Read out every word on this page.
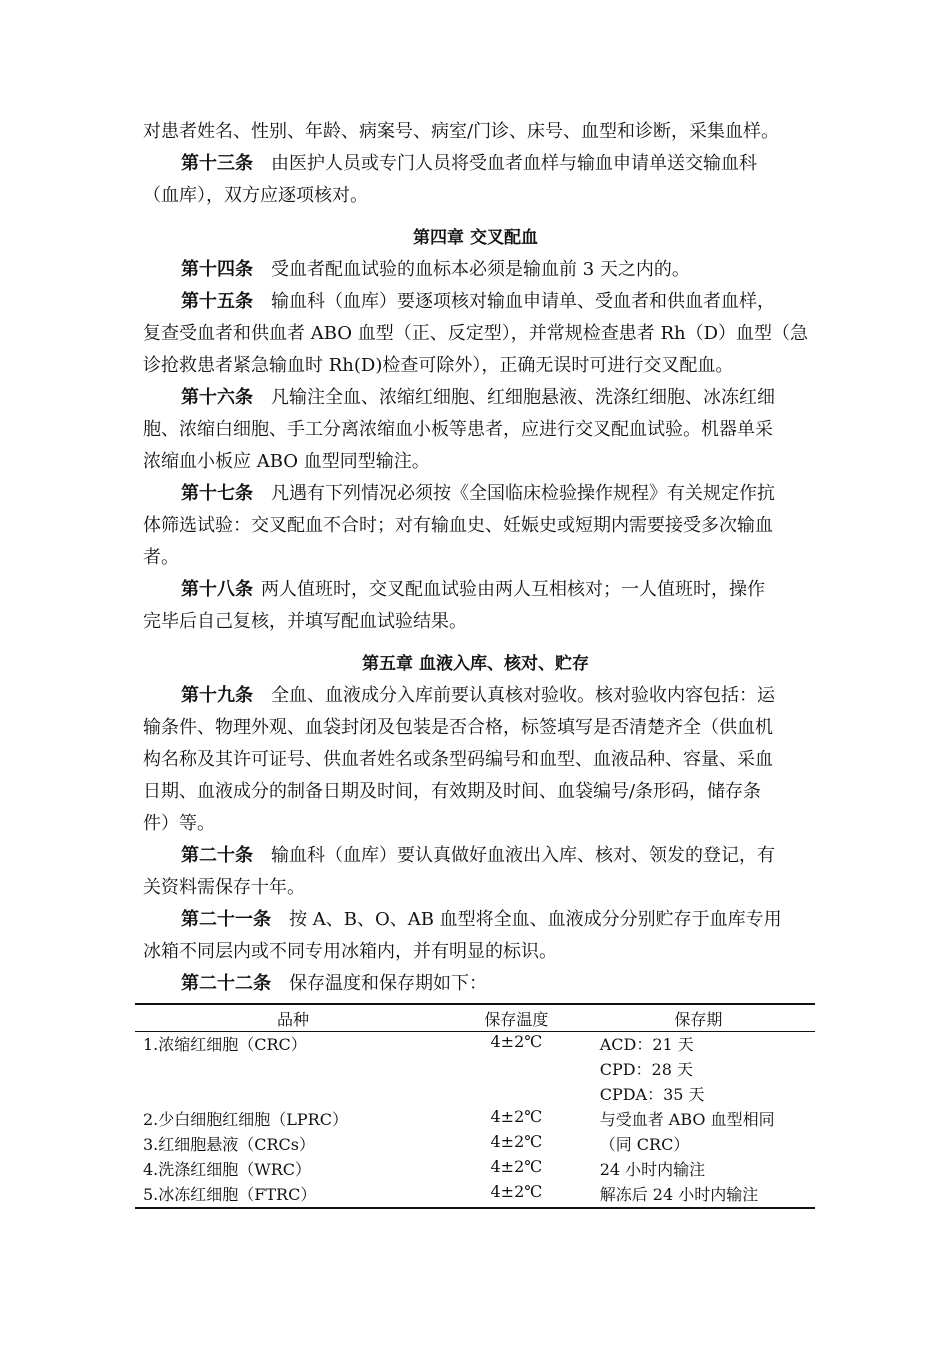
对患者姓名、性别、年龄、病案号、病室/门诊、床号、血型和诊断，采集血样。
第十三条 由医护人员或专门人员将受血者血样与输血申请单送交输血科
（血库），双方应逐项核对。
第四章 交叉配血
第十四条 受血者配血试验的血标本必须是输血前 3 天之内的。
第十五条 输血科（血库）要逐项核对输血申请单、受血者和供血者血样，
复查受血者和供血者 ABO 血型（正、反定型），并常规检查患者 Rh（D）血型（急
诊抢救患者紧急输血时 Rh(D)检查可除外），正确无误时可进行交叉配血。
第十六条 凡输注全血、浓缩红细胞、红细胞悬液、洗涤红细胞、冰冻红细
胞、浓缩白细胞、手工分离浓缩血小板等患者，应进行交叉配血试验。机器单采
浓缩血小板应 ABO 血型同型输注。
第十七条 凡遇有下列情况必须按《全国临床检验操作规程》有关规定作抗
体筛选试验：交叉配血不合时；对有输血史、妊娠史或短期内需要接受多次输血
者。
第十八条 两人值班时，交叉配血试验由两人互相核对；一人值班时，操作
完毕后自己复核，并填写配血试验结果。
第五章 血液入库、核对、贮存
第十九条 全血、血液成分入库前要认真核对验收。核对验收内容包括：运
输条件、物理外观、血袋封闭及包装是否合格，标签填写是否清楚齐全（供血机
构名称及其许可证号、供血者姓名或条型码编号和血型、血液品种、容量、采血
日期、血液成分的制备日期及时间，有效期及时间、血袋编号/条形码，储存条
件）等。
第二十条 输血科（血库）要认真做好血液出入库、核对、领发的登记，有
关资料需保存十年。
第二十一条 按 A、B、O、AB 血型将全血、血液成分分别贮存于血库专用
冰箱不同层内或不同专用冰箱内，并有明显的标识。
第二十二条 保存温度和保存期如下：
品种	保存温度	保存期
1.浓缩红细胞（CRC）	4±2℃	ACD：21 天
		CPD：28 天
		CPDA：35 天
2.少白细胞红细胞（LPRC）	4±2℃	与受血者 ABO 血型相同
3.红细胞悬液（CRCs）	4±2℃	（同 CRC）
4.洗涤红细胞（WRC）	4±2℃	24 小时内输注
5.冰冻红细胞（FTRC）	4±2℃	解冻后 24 小时内输注
